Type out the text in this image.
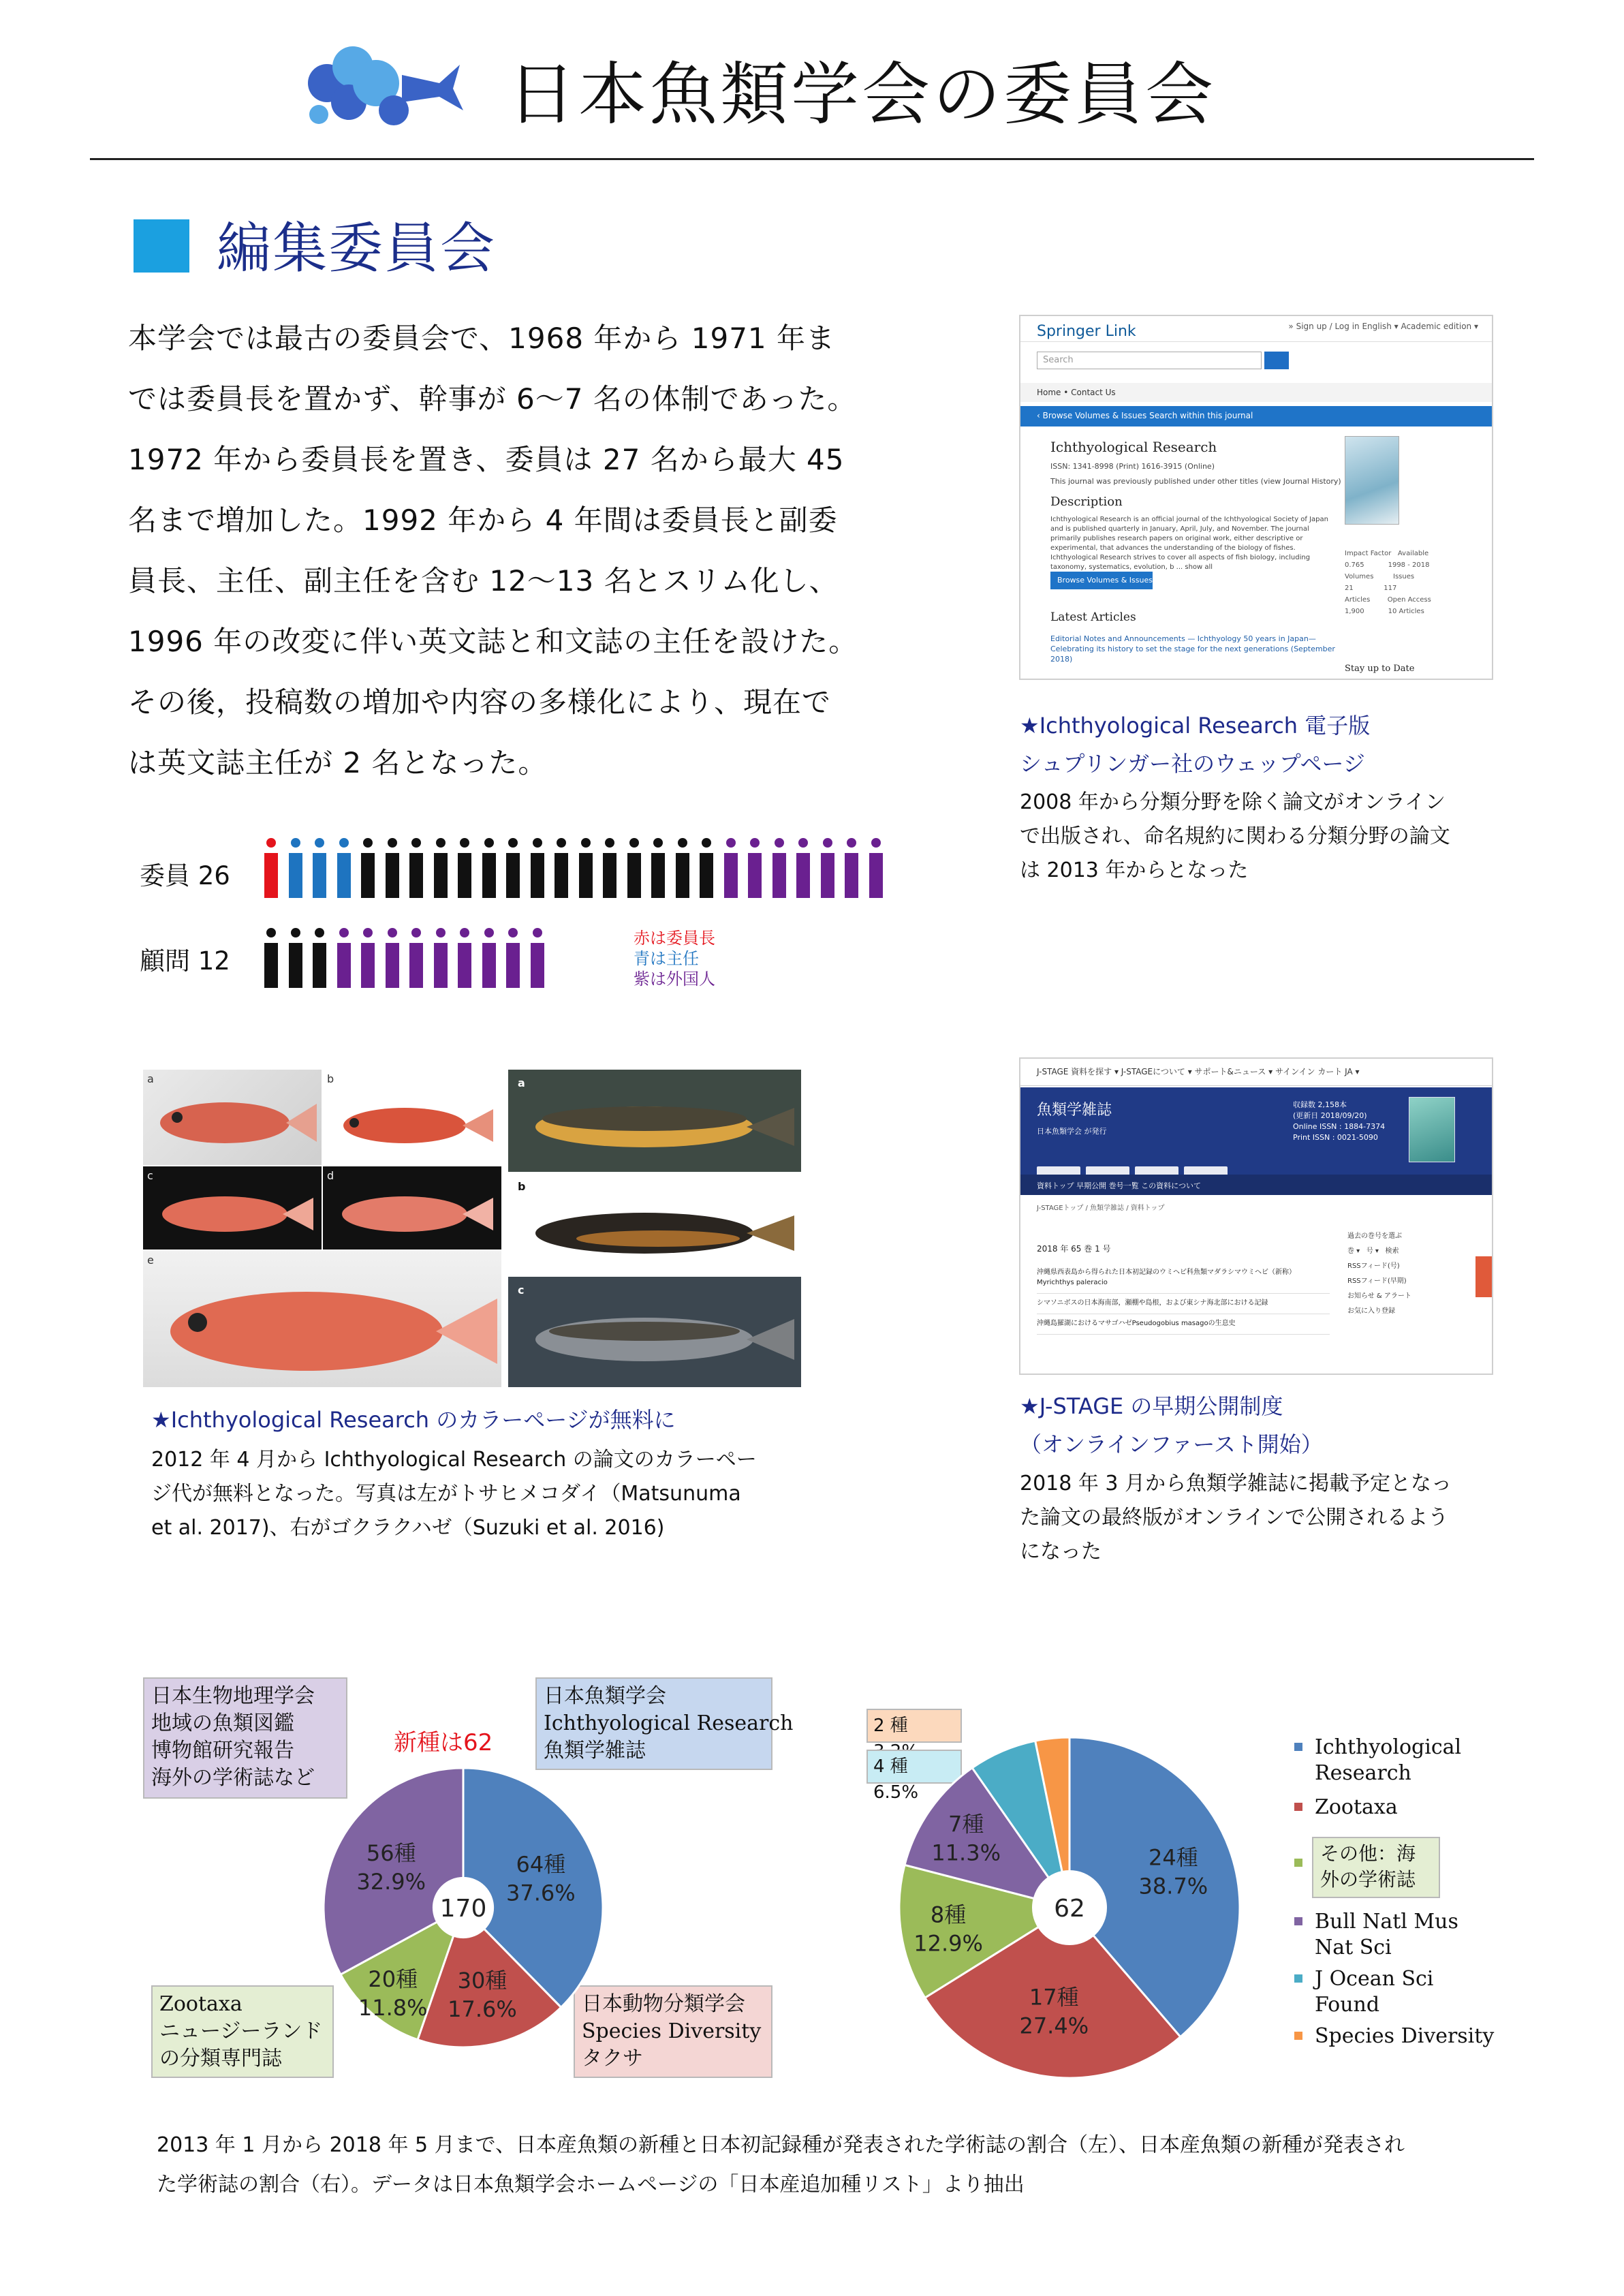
日本魚類学会の委員会
編集委員会
本学会では最古の委員会で、1968 年から 1971 年ま
では委員長を置かず、幹事が 6〜7 名の体制であった。
1972 年から委員長を置き、委員は 27 名から最大 45
名まで増加した。1992 年から 4 年間は委員長と副委
員長、主任、副主任を含む 12〜13 名とスリム化し、
1996 年の改変に伴い英文誌と和文誌の主任を設けた。
その後，投稿数の増加や内容の多様化により、現在で
は英文誌主任が 2 名となった。
委員 26
顧問 12
赤は委員長
青は主任
紫は外国人
Springer Link	» Sign up / Log in English ▾ Academic edition ▾
Search
Home • Contact Us
‹ Browse Volumes & Issues Search within this journal
Ichthyological Research
ISSN: 1341-8998 (Print) 1616-3915 (Online)
This journal was previously published under other titles (view Journal History)
Description
Ichthyological Research is an official journal of the Ichthyological Society of Japan and is published quarterly in January, April, July, and November. The journal primarily publishes research papers on original work, either descriptive or experimental, that advances the understanding of the biology of fishes. Ichthyological Research strives to cover all aspects of fish biology, including taxonomy, systematics, evolution, b ... show all
Browse Volumes & Issues
Impact Factor   Available
0.765           1998 - 2018
Volumes         Issues
21              117
Articles        Open Access
1,900           10 Articles
Latest Articles
Editorial Notes and Announcements — Ichthyology 50 years in Japan—Celebrating its history to set the stage for the next generations (September 2018)
Stay up to Date
★Ichthyological Research 電子版
シュプリンガー社のウェップページ
2008 年から分類分野を除く論文がオンライン
で出版され、命名規約に関わる分類分野の論文
は 2013 年からとなった
a	b
c	d
e
a
b
c
★Ichthyological Research のカラーページが無料に
2012 年 4 月から Ichthyological Research の論文のカラーペー
ジ代が無料となった。写真は左がトサヒメコダイ（Matsunuma
et al. 2017)、右がゴクラクハゼ（Suzuki et al. 2016)
J-STAGE 資料を探す ▾ J-STAGEについて ▾ サポート&ニュース ▾ サインイン カート JA ▾
魚類学雑誌
日本魚類学会 が発行
収録数 2,158本
(更新日 2018/09/20)
Online ISSN : 1884-7374
Print ISSN : 0021-5090
資料トップ 早期公開 巻号一覧 この資料について
J-STAGEトップ / 魚類学雑誌 / 資料トップ
2018 年 65 巻 1 号
沖縄県西表島から得られた日本初記録のウミヘビ科魚類マダラシマウミヘビ（新称）Myrichthys paleracio
シマソニボスの日本海南部，瀬棚や島根，および東シナ海北部における記録
沖縄島羅湖におけるマサゴハゼPseudogobius masagoの生息史
過去の巻号を選ぶ
巻 ▾   号 ▾   検索
RSSフィード(号)
RSSフィード(早期)
お知らせ & アラート
お気に入り登録
★J-STAGE の早期公開制度
（オンラインファースト開始）
2018 年 3 月から魚類学雑誌に掲載予定となっ
た論文の最終版がオンラインで公開されるよう
になった
日本生物地理学会
地域の魚類図鑑
博物館研究報告
海外の学術誌など
日本魚類学会
Ichthyological Research
魚類学雑誌
新種は62
Zootaxa
ニュージーランド
の分類専門誌
日本動物分類学会
Species Diversity
タクサ
64種
37.6%
30種
17.6%
20種
11.8%
56種
32.9%
170
2 種
4 種 6.5%
24種
38.7%
17種
27.4%
8種
12.9%
7種
11.3%
62
Ichthyological Research
Zootaxa
その他：海外の学術誌
Bull Natl Mus Nat Sci
J Ocean Sci Found
Species Diversity
2013 年 1 月から 2018 年 5 月まで、日本産魚類の新種と日本初記録種が発表された学術誌の割合（左）、日本産魚類の新種が発表され
た学術誌の割合（右）。データは日本魚類学会ホームページの「日本産追加種リスト」より抽出
